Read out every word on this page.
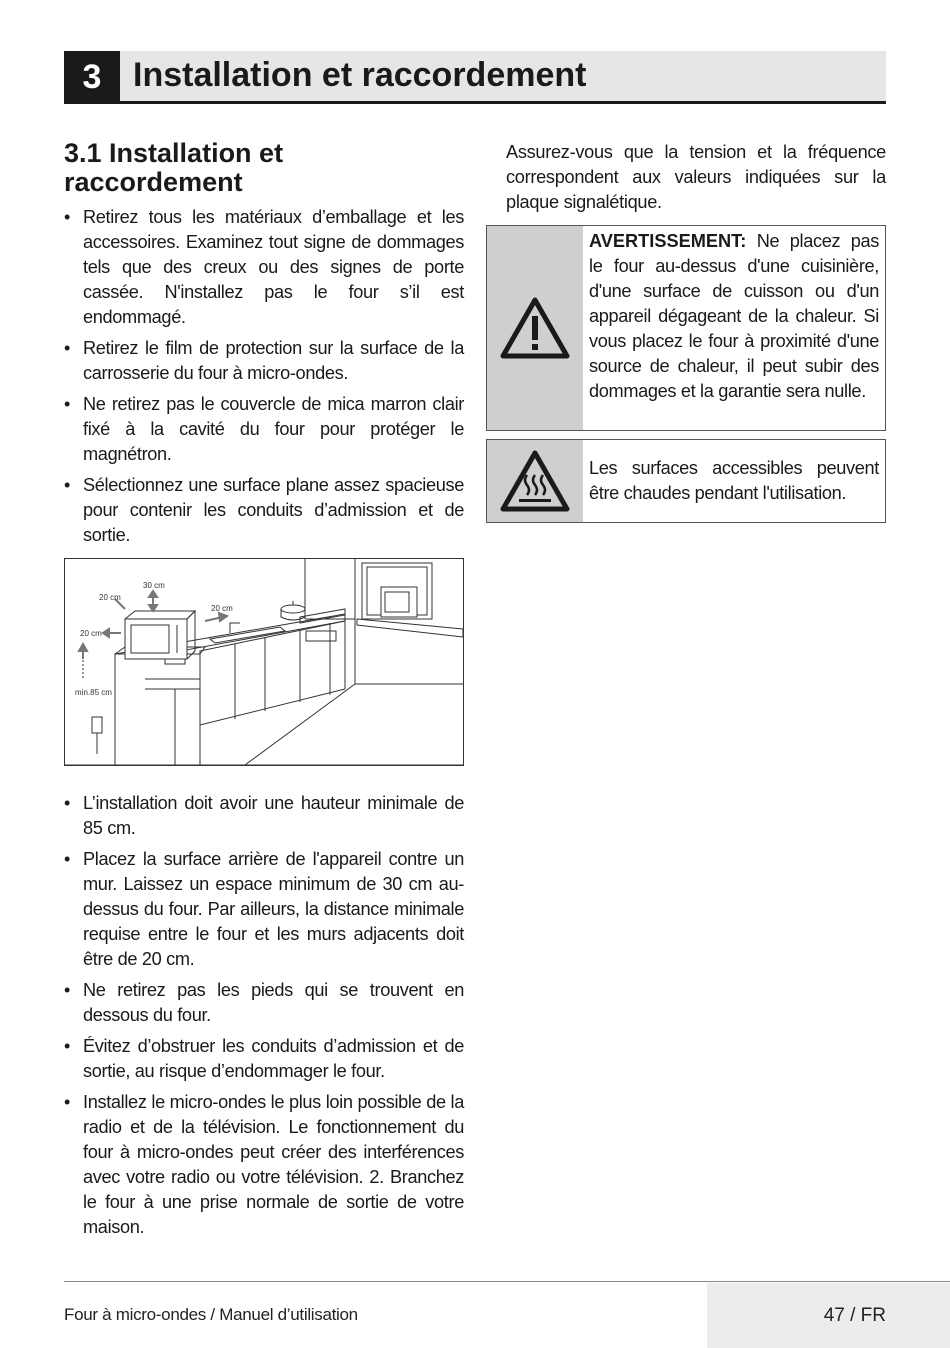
3 Installation et raccordement
3.1 Installation et
raccordement
• Retirez tous les matériaux d’emballage et les accessoires. Examinez tout signe de dommages tels que des creux ou des signes de porte cassée. N'installez pas le four s’il est endommagé.
• Retirez le film de protection sur la surface de la carrosserie du four à micro-ondes.
• Ne retirez pas le couvercle de mica marron clair fixé à la cavité du four pour protéger le magnétron.
• Sélectionnez une surface plane assez spacieuse pour contenir les conduits d’admission et de sortie.
20 cm
30 cm
20 cm
20 cm
min.85 cm
• L’installation doit avoir une hauteur minimale de 85 cm.
• Placez la surface arrière de l'appareil contre un mur. Laissez un espace minimum de 30 cm au-dessus du four. Par ailleurs, la distance minimale requise entre le four et les murs adjacents doit être de 20 cm.
• Ne retirez pas les pieds qui se trouvent en dessous du four.
• Évitez d’obstruer les conduits d’admission et de sortie, au risque d’endommager le four.
• Installez le micro-ondes le plus loin possible de la radio et de la télévision. Le fonctionnement du four à micro-ondes peut créer des interférences avec votre radio ou votre télévision. 2. Branchez le four à une prise normale de sortie de votre maison.

Assurez-vous que la tension et la fréquence correspondent aux valeurs indiquées sur la plaque signalétique.

AVERTISSEMENT: Ne placez pas le four au-dessus d'une cuisinière, d'une surface de cuisson ou d'un appareil dégageant de la chaleur. Si vous placez le four à proximité d'une source de chaleur, il peut subir des dommages et la garantie sera nulle.
Les surfaces accessibles peuvent être chaudes pendant l'utilisation.
Four à micro-ondes / Manuel d’utilisation	47 / FR
